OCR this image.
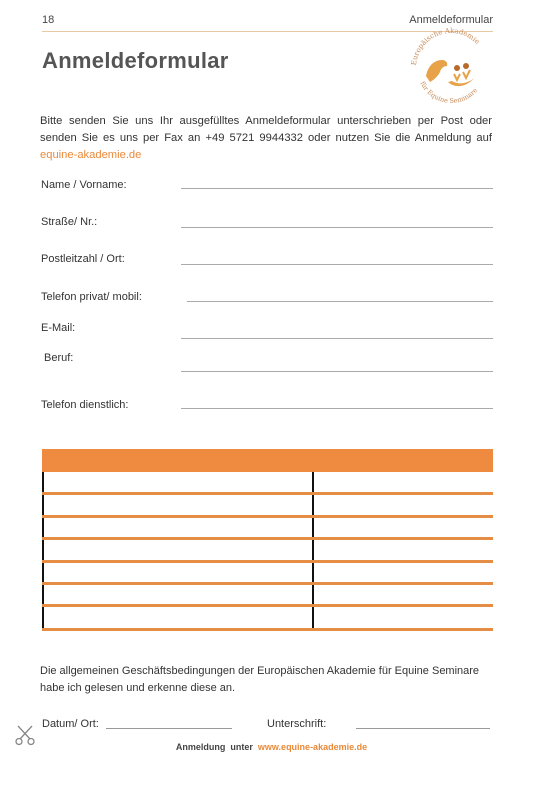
18	Anmeldeformular
Anmeldeformular	Europäische Akademie
für Equine Seminare
Bitte senden Sie uns Ihr ausgefülltes Anmeldeformular unterschrieben per Post oder senden Sie es uns per Fax an +49 5721 9944332 oder nutzen Sie die Anmeldung auf equine-akademie.de
Name / Vorname:
Straße/ Nr.:
Postleitzahl / Ort:
Telefon privat/ mobil:
E-Mail:
Beruf:
Telefon dienstlich:
Die allgemeinen Geschäftsbedingungen der Europäischen Akademie für Equine Seminare habe ich gelesen und erkenne diese an.
Datum/ Ort:	Unterschrift:
Anmeldung  unter  www.equine-akademie.de
